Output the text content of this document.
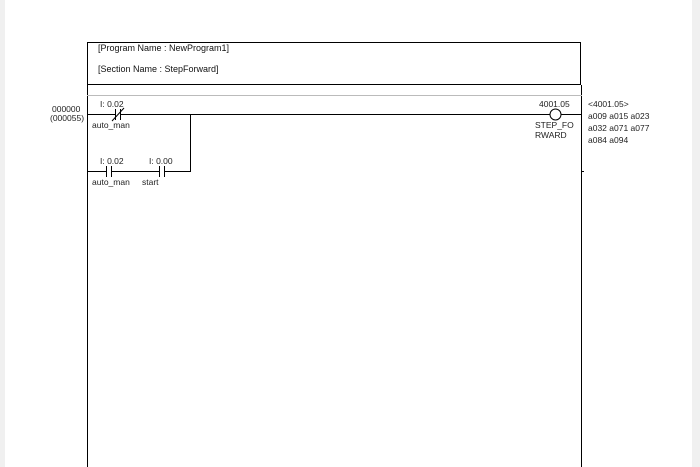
[Program Name : NewProgram1]
[Section Name : StepForward]
000000
(000055)
I: 0.02
auto_man
I: 0.02
auto_man
I: 0.00
start
4001.05
STEP_FO
RWARD
<4001.05>
a009 a015 a023
a032 a071 a077
a084 a094
